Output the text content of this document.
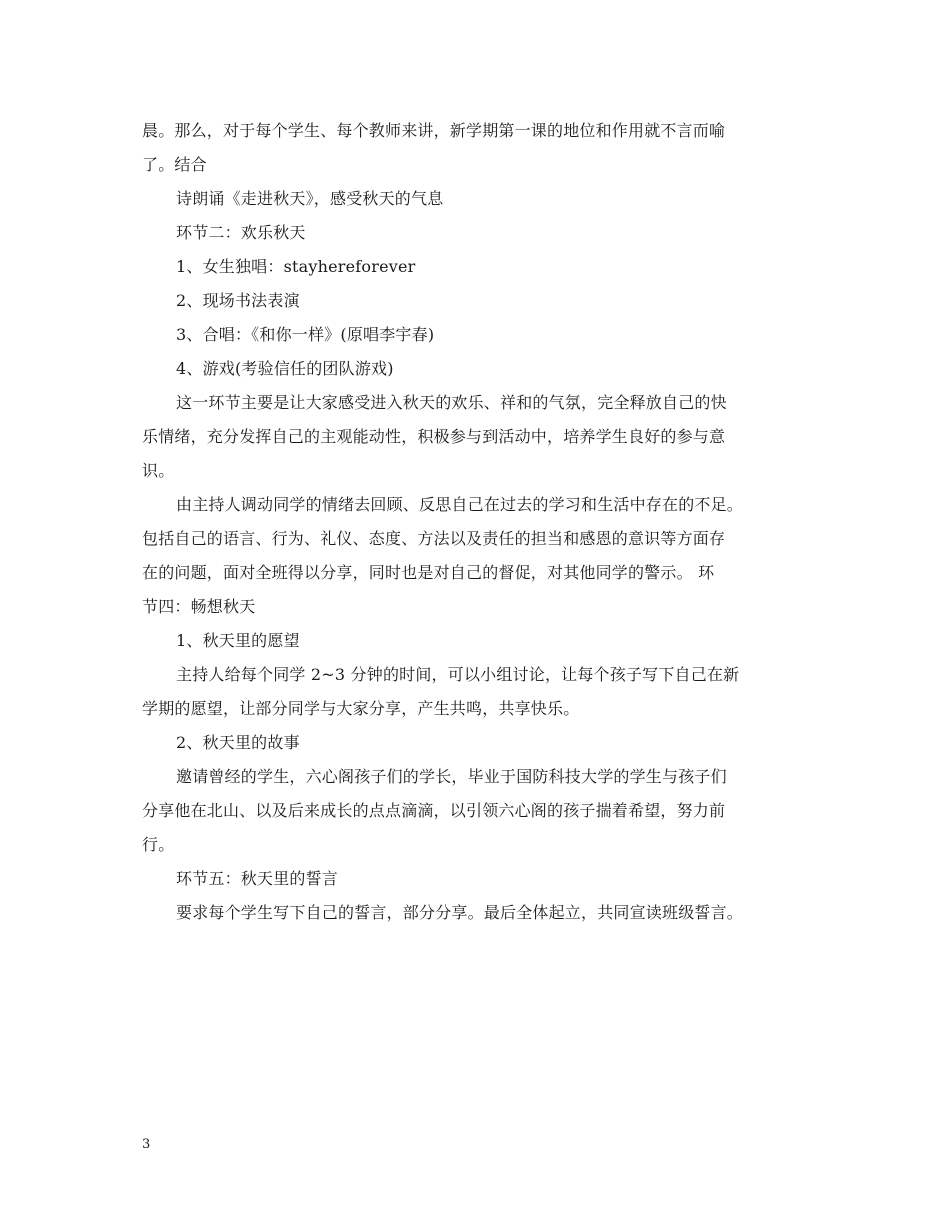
晨。那么，对于每个学生、每个教师来讲，新学期第一课的地位和作用就不言而喻
了。结合
诗朗诵《走进秋天》，感受秋天的气息
环节二：欢乐秋天
1、女生独唱：stayhereforever
2、现场书法表演
3、合唱：《和你一样》(原唱李宇春)
4、游戏(考验信任的团队游戏)
这一环节主要是让大家感受进入秋天的欢乐、祥和的气氛，完全释放自己的快
乐情绪，充分发挥自己的主观能动性，积极参与到活动中，培养学生良好的参与意
识。
由主持人调动同学的情绪去回顾、反思自己在过去的学习和生活中存在的不足。
包括自己的语言、行为、礼仪、态度、方法以及责任的担当和感恩的意识等方面存
在的问题，面对全班得以分享，同时也是对自己的督促，对其他同学的警示。 环
节四：畅想秋天
1、秋天里的愿望
主持人给每个同学 2~3 分钟的时间，可以小组讨论，让每个孩子写下自己在新
学期的愿望，让部分同学与大家分享，产生共鸣，共享快乐。
2、秋天里的故事
邀请曾经的学生，六心阁孩子们的学长，毕业于国防科技大学的学生与孩子们
分享他在北山、以及后来成长的点点滴滴，以引领六心阁的孩子揣着希望，努力前
行。
环节五：秋天里的誓言
要求每个学生写下自己的誓言，部分分享。最后全体起立，共同宣读班级誓言。
3
